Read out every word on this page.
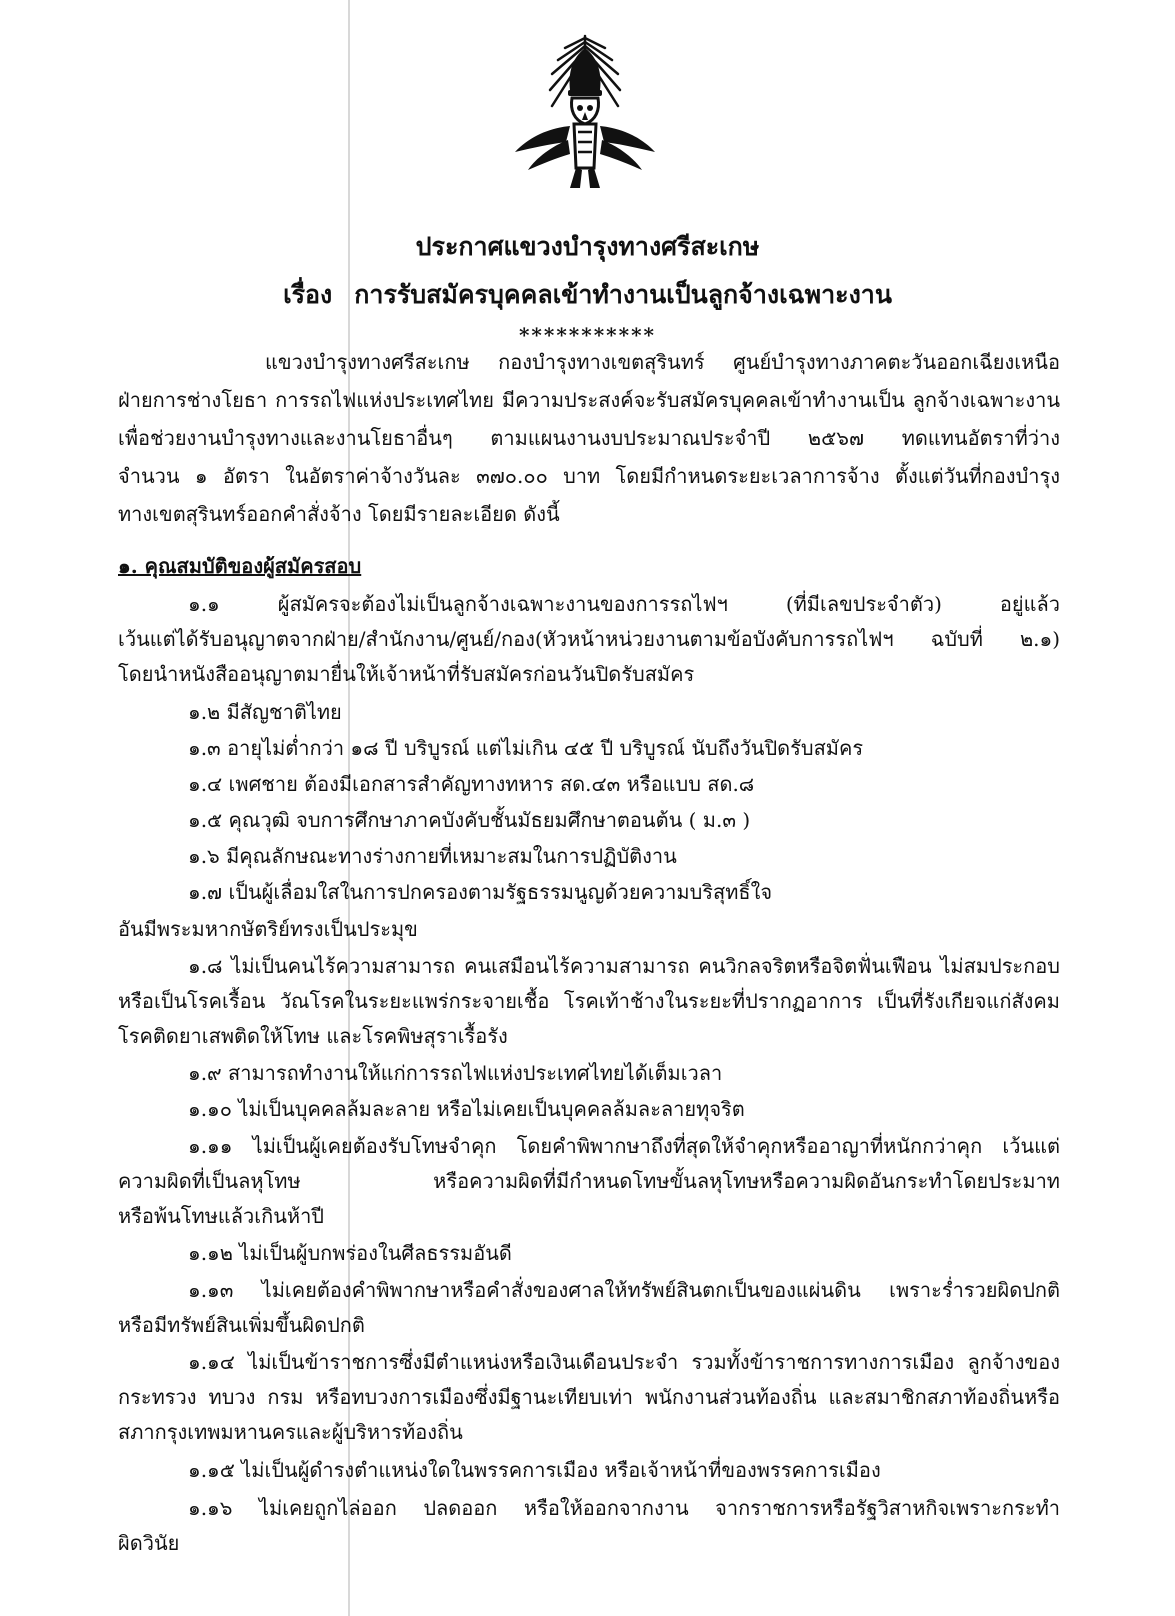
ประกาศแขวงบำรุงทางศรีสะเกษ
เรื่อง การรับสมัครบุคคลเข้าทำงานเป็นลูกจ้างเฉพาะงาน
***********
แขวงบำรุงทางศรีสะเกษ กองบำรุงทางเขตสุรินทร์ ศูนย์บำรุงทางภาคตะวันออกเฉียงเหนือ
ฝ่ายการช่างโยธา การรถไฟแห่งประเทศไทย มีความประสงค์จะรับสมัครบุคคลเข้าทำงานเป็น ลูกจ้างเฉพาะงาน
เพื่อช่วยงานบำรุงทางและงานโยธาอื่นๆ ตามแผนงานงบประมาณประจำปี ๒๕๖๗ ทดแทนอัตราที่ว่าง
จำนวน ๑ อัตรา ในอัตราค่าจ้างวันละ ๓๗๐.๐๐ บาท โดยมีกำหนดระยะเวลาการจ้าง ตั้งแต่วันที่กองบำรุง
ทางเขตสุรินทร์ออกคำสั่งจ้าง โดยมีรายละเอียด ดังนี้
๑. คุณสมบัติของผู้สมัครสอบ
๑.๑ ผู้สมัครจะต้องไม่เป็นลูกจ้างเฉพาะงานของการรถไฟฯ (ที่มีเลขประจำตัว) อยู่แล้ว
เว้นแต่ได้รับอนุญาตจากฝ่าย/สำนักงาน/ศูนย์/กอง(หัวหน้าหน่วยงานตามข้อบังคับการรถไฟฯ ฉบับที่ ๒.๑)
โดยนำหนังสืออนุญาตมายื่นให้เจ้าหน้าที่รับสมัครก่อนวันปิดรับสมัคร
๑.๒ มีสัญชาติไทย
๑.๓ อายุไม่ต่ำกว่า ๑๘ ปี บริบูรณ์ แต่ไม่เกิน ๔๕ ปี บริบูรณ์ นับถึงวันปิดรับสมัคร
๑.๔ เพศชาย ต้องมีเอกสารสำคัญทางทหาร สด.๔๓ หรือแบบ สด.๘
๑.๕ คุณวุฒิ จบการศึกษาภาคบังคับชั้นมัธยมศึกษาตอนต้น ( ม.๓ )
๑.๖ มีคุณลักษณะทางร่างกายที่เหมาะสมในการปฏิบัติงาน
๑.๗ เป็นผู้เลื่อมใสในการปกครองตามรัฐธรรมนูญด้วยความบริสุทธิ์ใจ
อันมีพระมหากษัตริย์ทรงเป็นประมุข
๑.๘ ไม่เป็นคนไร้ความสามารถ คนเสมือนไร้ความสามารถ คนวิกลจริตหรือจิตฟั่นเฟือน ไม่สมประกอบ
หรือเป็นโรคเรื้อน วัณโรคในระยะแพร่กระจายเชื้อ โรคเท้าช้างในระยะที่ปรากฏอาการ เป็นที่รังเกียจแก่สังคม
โรคติดยาเสพติดให้โทษ และโรคพิษสุราเรื้อรัง
๑.๙ สามารถทำงานให้แก่การรถไฟแห่งประเทศไทยได้เต็มเวลา
๑.๑๐ ไม่เป็นบุคคลล้มละลาย หรือไม่เคยเป็นบุคคลล้มละลายทุจริต
๑.๑๑ ไม่เป็นผู้เคยต้องรับโทษจำคุก โดยคำพิพากษาถึงที่สุดให้จำคุกหรืออาญาที่หนักกว่าคุก เว้นแต่
ความผิดที่เป็นลหุโทษ หรือความผิดที่มีกำหนดโทษขั้นลหุโทษหรือความผิดอันกระทำโดยประมาท
หรือพ้นโทษแล้วเกินห้าปี
๑.๑๒ ไม่เป็นผู้บกพร่องในศีลธรรมอันดี
๑.๑๓ ไม่เคยต้องคำพิพากษาหรือคำสั่งของศาลให้ทรัพย์สินตกเป็นของแผ่นดิน เพราะร่ำรวยผิดปกติ
หรือมีทรัพย์สินเพิ่มขึ้นผิดปกติ
๑.๑๔ ไม่เป็นข้าราชการซึ่งมีตำแหน่งหรือเงินเดือนประจำ รวมทั้งข้าราชการทางการเมือง ลูกจ้างของ
กระทรวง ทบวง กรม หรือทบวงการเมืองซึ่งมีฐานะเทียบเท่า พนักงานส่วนท้องถิ่น และสมาชิกสภาท้องถิ่นหรือ
สภากรุงเทพมหานครและผู้บริหารท้องถิ่น
๑.๑๕ ไม่เป็นผู้ดำรงตำแหน่งใดในพรรคการเมือง หรือเจ้าหน้าที่ของพรรคการเมือง
๑.๑๖ ไม่เคยถูกไล่ออก ปลดออก หรือให้ออกจากงาน จากราชการหรือรัฐวิสาหกิจเพราะกระทำ
ผิดวินัย
